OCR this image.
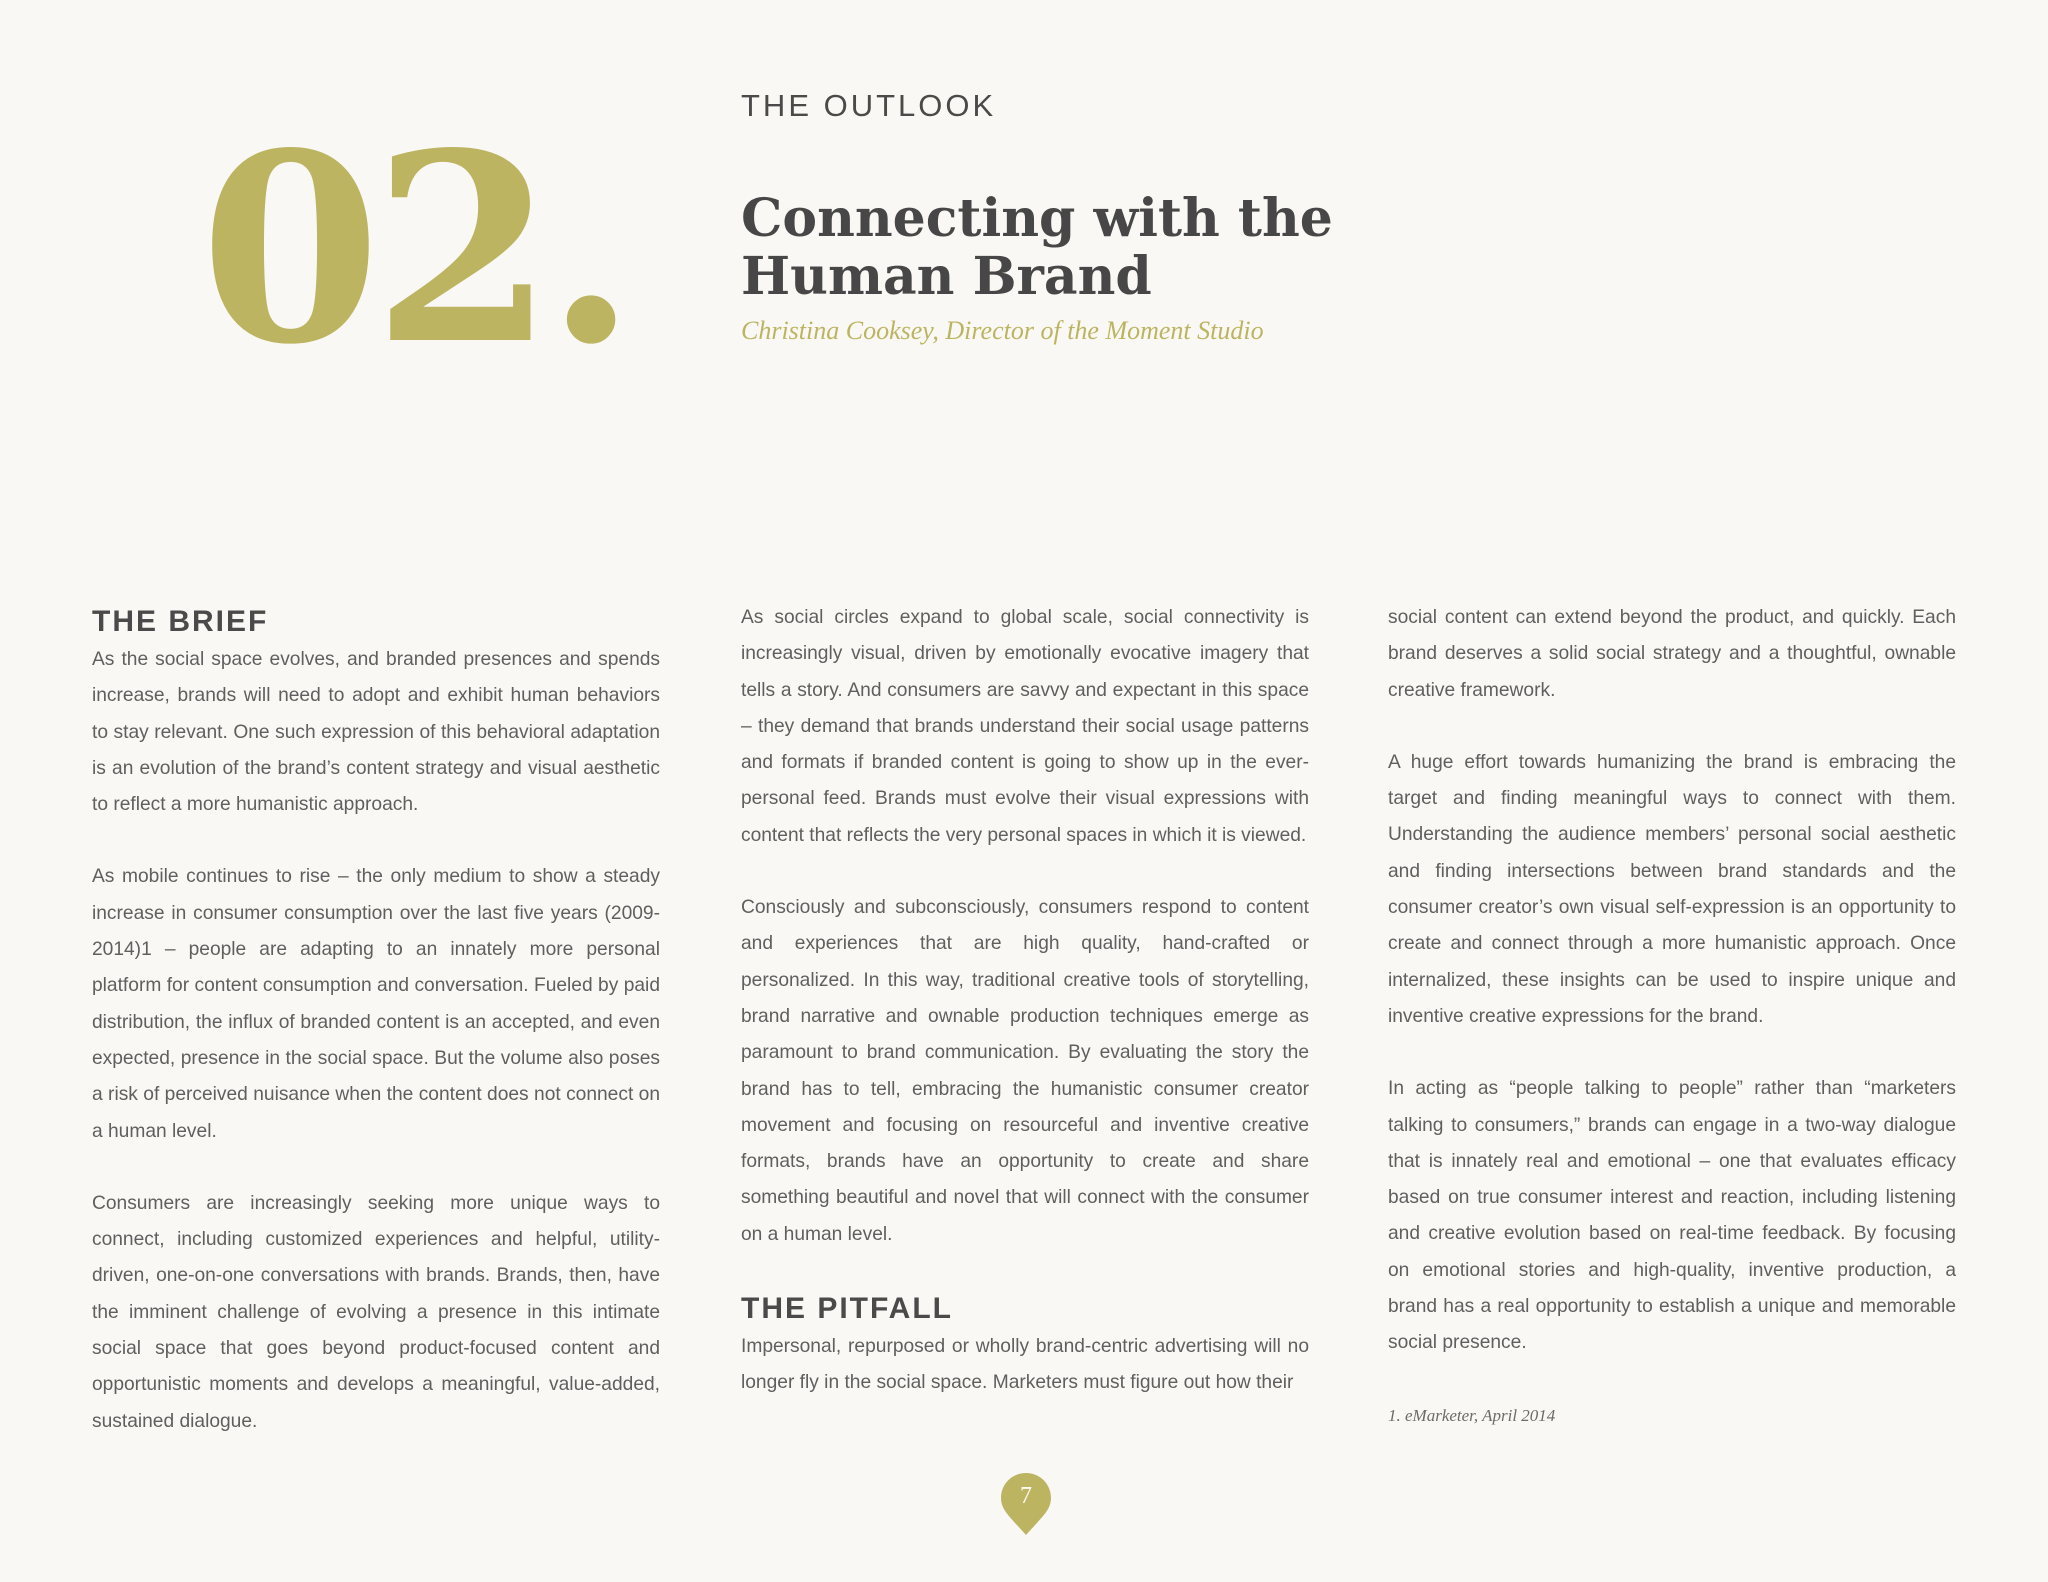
02.	THE OUTLOOK
Connecting with the
Human Brand
Christina Cooksey, Director of the Moment Studio
THE BRIEF

As the social space evolves, and branded presences and spends increase, brands will need to adopt and exhibit human behaviors to stay relevant. One such expression of this behavioral adaptation is an evolution of the brand’s content strategy and visual aesthetic to reflect a more humanistic approach.

As mobile continues to rise – the only medium to show a steady increase in consumer consumption over the last five years (2009-2014)1 – people are adapting to an innately more personal platform for content consumption and conversation. Fueled by paid distribution, the influx of branded content is an accepted, and even expected, presence in the social space. But the volume also poses a risk of perceived nuisance when the content does not connect on a human level.

Consumers are increasingly seeking more unique ways to connect, including customized experiences and helpful, utility-driven, one-on-one conversations with brands. Brands, then, have the imminent challenge of evolving a presence in this intimate social space that goes beyond product-focused content and opportunistic moments and develops a meaningful, value-added, sustained dialogue.

As social circles expand to global scale, social connectivity is increasingly visual, driven by emotionally evocative imagery that tells a story. And consumers are savvy and expectant in this space – they demand that brands understand their social usage patterns and formats if branded content is going to show up in the ever-personal feed. Brands must evolve their visual expressions with content that reflects the very personal spaces in which it is viewed.

Consciously and subconsciously, consumers respond to content and experiences that are high quality, hand-crafted or personalized. In this way, traditional creative tools of storytelling, brand narrative and ownable production techniques emerge as paramount to brand communication. By evaluating the story the brand has to tell, embracing the humanistic consumer creator movement and focusing on resourceful and inventive creative formats, brands have an opportunity to create and share something beautiful and novel that will connect with the consumer on a human level.

THE PITFALL

Impersonal, repurposed or wholly brand-centric advertising will no longer fly in the social space. Marketers must figure out how their

social content can extend beyond the product, and quickly. Each brand deserves a solid social strategy and a thoughtful, ownable creative framework.

A huge effort towards humanizing the brand is embracing the target and finding meaningful ways to connect with them. Understanding the audience members’ personal social aesthetic and finding intersections between brand standards and the consumer creator’s own visual self-expression is an opportunity to create and connect through a more humanistic approach. Once internalized, these insights can be used to inspire unique and inventive creative expressions for the brand.

In acting as “people talking to people” rather than “marketers talking to consumers,” brands can engage in a two-way dialogue that is innately real and emotional – one that evaluates efficacy based on true consumer interest and reaction, including listening and creative evolution based on real-time feedback. By focusing on emotional stories and high-quality, inventive production, a brand has a real opportunity to establish a unique and memorable social presence.

1. eMarketer, April 2014

7
